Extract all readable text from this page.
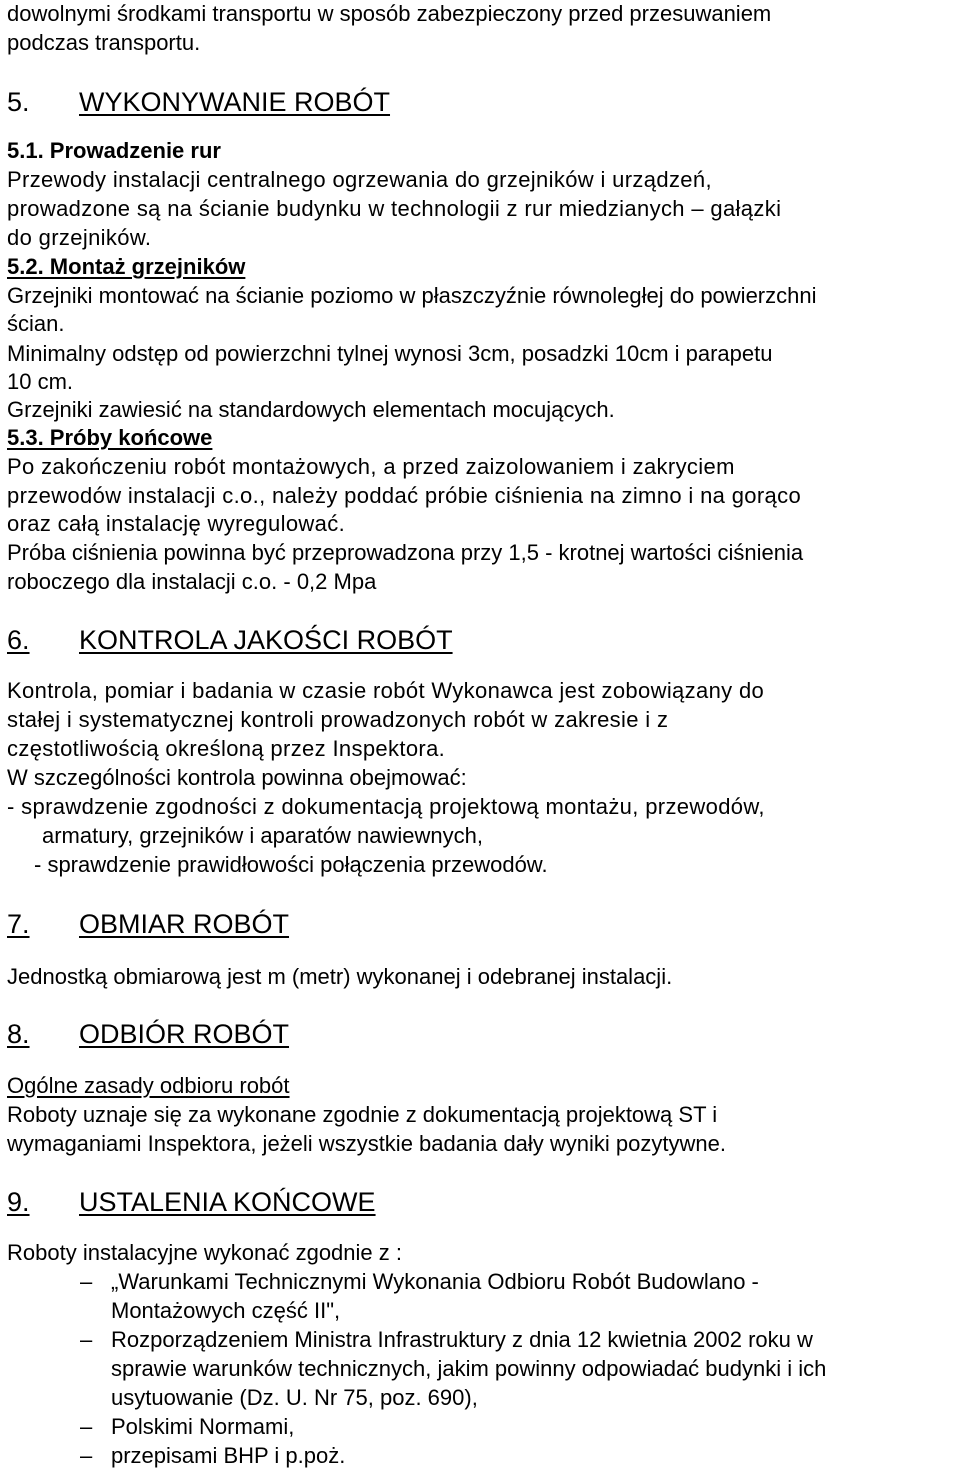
dowolnymi środkami transportu w sposób zabezpieczony przed przesuwaniem
podczas transportu.
5. WYKONYWANIE ROBÓT
5.1. Prowadzenie rur
Przewody instalacji centralnego ogrzewania do grzejników i urządzeń,
prowadzone są na ścianie budynku w technologii z rur miedzianych – gałązki
do grzejników.
5.2. Montaż grzejników
Grzejniki montować na ścianie poziomo w płaszczyźnie równoległej do powierzchni
ścian.
Minimalny odstęp od powierzchni tylnej wynosi 3cm, posadzki 10cm i parapetu
10 cm.
Grzejniki zawiesić na standardowych elementach mocujących.
5.3. Próby końcowe
Po zakończeniu robót montażowych, a przed zaizolowaniem i zakryciem
przewodów instalacji c.o., należy poddać próbie ciśnienia na zimno i na gorąco
oraz całą instalację wyregulować.
Próba ciśnienia powinna być przeprowadzona przy 1,5 - krotnej wartości ciśnienia
roboczego dla instalacji c.o. - 0,2 Mpa
6. KONTROLA JAKOŚCI ROBÓT
Kontrola, pomiar i badania w czasie robót Wykonawca jest zobowiązany do
stałej i systematycznej kontroli prowadzonych robót w zakresie i z
częstotliwością określoną przez Inspektora.
W szczególności kontrola powinna obejmować:
- sprawdzenie zgodności z dokumentacją projektową montażu, przewodów,
armatury, grzejników i aparatów nawiewnych,
- sprawdzenie prawidłowości połączenia przewodów.
7. OBMIAR ROBÓT
Jednostką obmiarową jest m (metr) wykonanej i odebranej instalacji.
8. ODBIÓR ROBÓT
Ogólne zasady odbioru robót
Roboty uznaje się za wykonane zgodnie z dokumentacją projektową ST i
wymaganiami Inspektora, jeżeli wszystkie badania dały wyniki pozytywne.
9. USTALENIA KOŃCOWE
Roboty instalacyjne wykonać zgodnie z :
– „Warunkami Technicznymi Wykonania Odbioru Robót Budowlano -
Montażowych część II",
– Rozporządzeniem Ministra Infrastruktury z dnia 12 kwietnia 2002 roku w
sprawie warunków technicznych, jakim powinny odpowiadać budynki i ich
usytuowanie (Dz. U. Nr 75, poz. 690),
– Polskimi Normami,
– przepisami BHP i p.poż.
